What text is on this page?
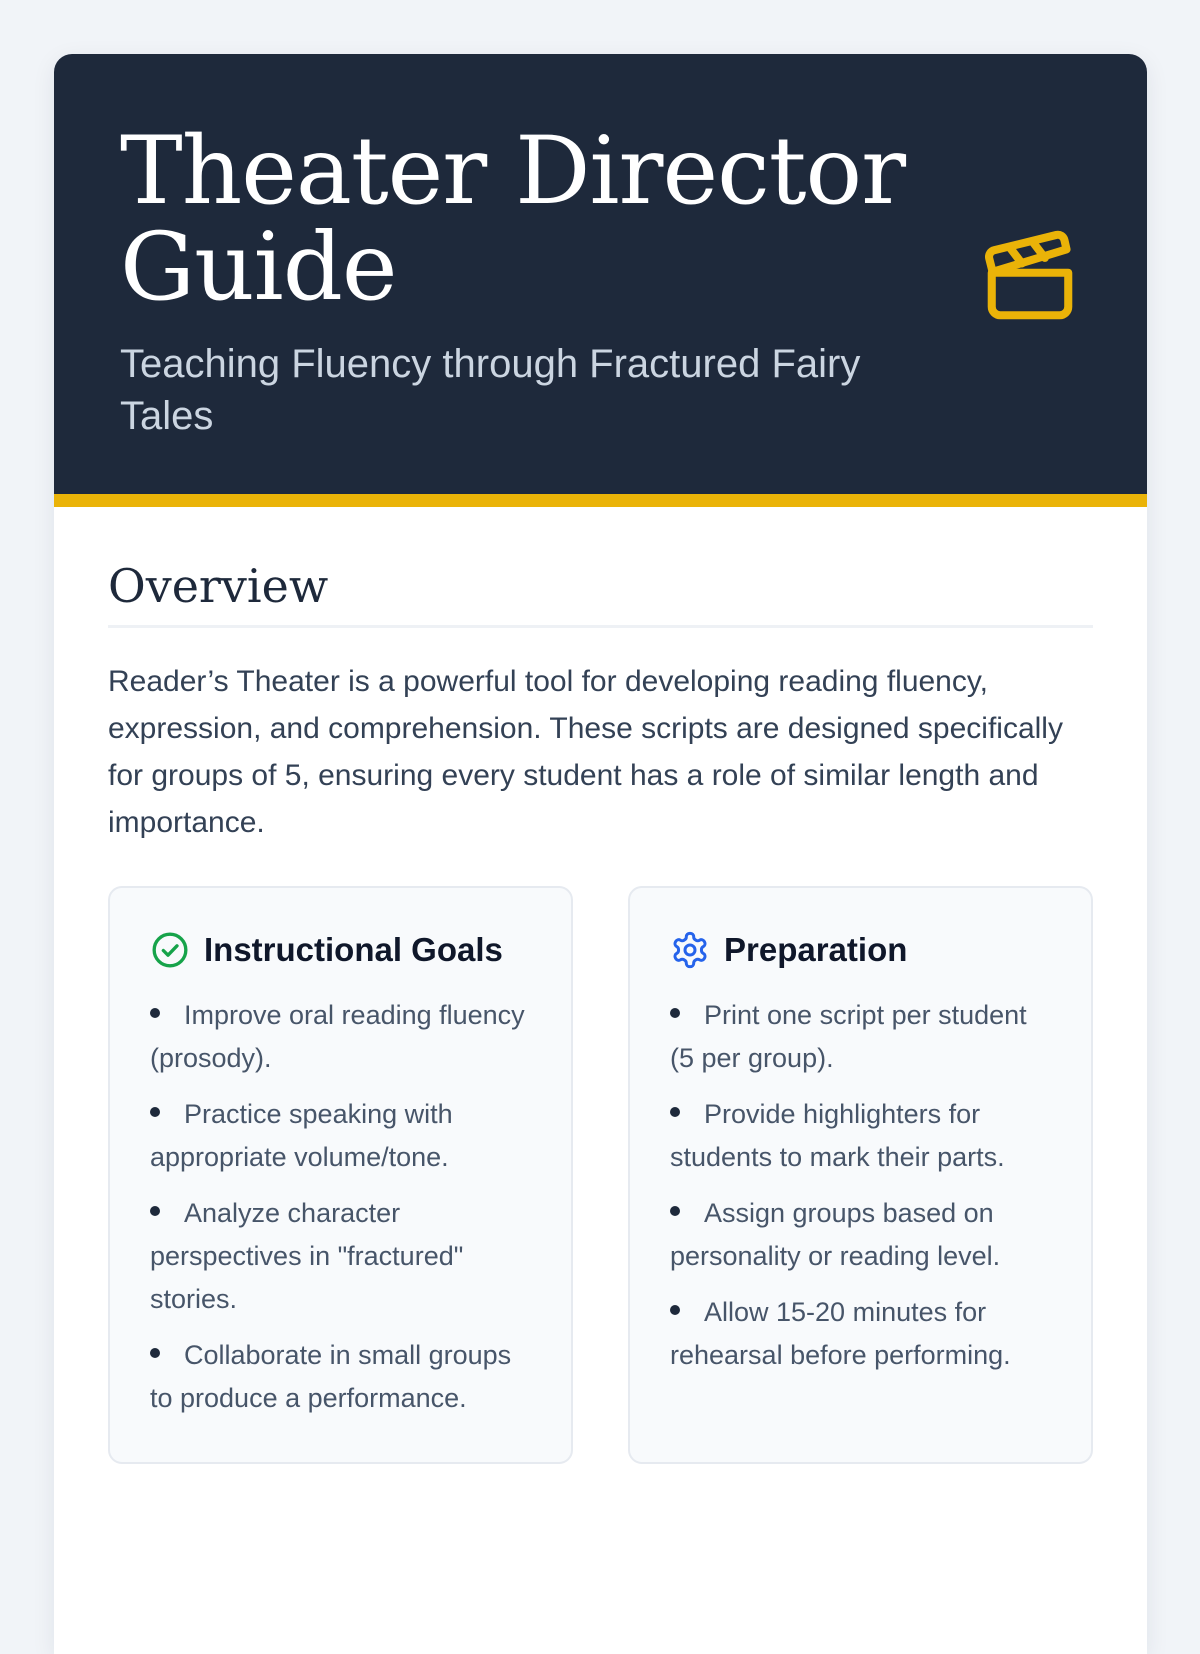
Theater Director Guide

Teaching Fluency through Fractured Fairy Tales

Overview

Reader’s Theater is a powerful tool for developing reading fluency, expression, and comprehension. These scripts are designed specifically for groups of 5, ensuring every student has a role of similar length and importance.

Instructional Goals
Improve oral reading fluency (prosody).
Practice speaking with appropriate volume/tone.
Analyze character perspectives in "fractured" stories.
Collaborate in small groups to produce a performance.
Preparation
Print one script per student (5 per group).
Provide highlighters for students to mark their parts.
Assign groups based on personality or reading level.
Allow 15-20 minutes for rehearsal before performing.
